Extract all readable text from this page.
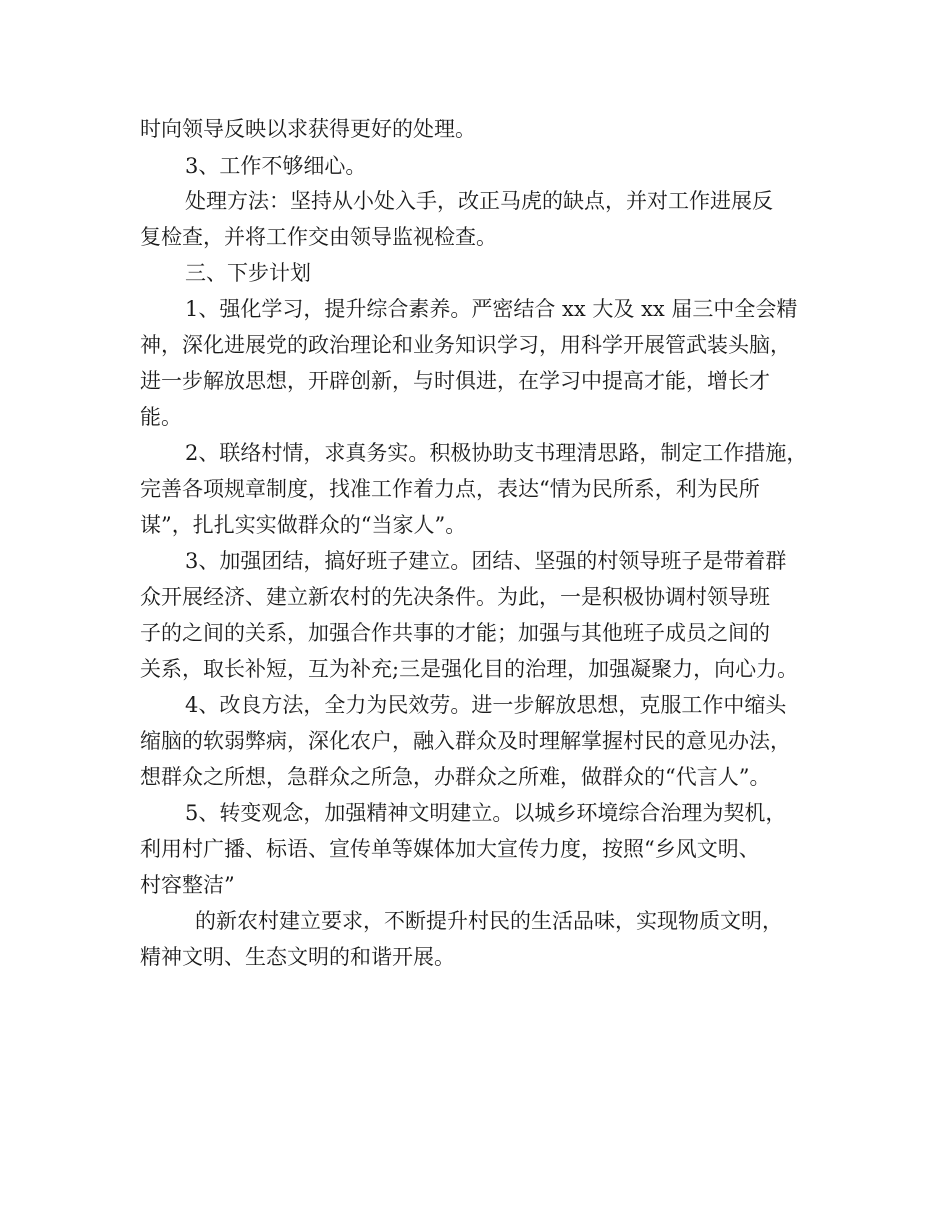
时向领导反映以求获得更好的处理。
3、工作不够细心。
处理方法：坚持从小处入手，改正马虎的缺点，并对工作进展反
复检查，并将工作交由领导监视检查。
三、下步计划
1、强化学习，提升综合素养。严密结合 xx 大及 xx 届三中全会精
神，深化进展党的政治理论和业务知识学习，用科学开展管武装头脑，
进一步解放思想，开辟创新，与时俱进，在学习中提高才能，增长才
能。
2、联络村情，求真务实。积极协助支书理清思路，制定工作措施，
完善各项规章制度，找准工作着力点，表达“情为民所系，利为民所
谋”，扎扎实实做群众的“当家人”。
3、加强团结，搞好班子建立。团结、坚强的村领导班子是带着群
众开展经济、建立新农村的先决条件。为此，一是积极协调村领导班
子的之间的关系，加强合作共事的才能；加强与其他班子成员之间的
关系，取长补短，互为补充;三是强化目的治理，加强凝聚力，向心力。
4、改良方法，全力为民效劳。进一步解放思想，克服工作中缩头
缩脑的软弱弊病，深化农户，融入群众及时理解掌握村民的意见办法，
想群众之所想，急群众之所急，办群众之所难，做群众的“代言人”。
5、转变观念，加强精神文明建立。以城乡环境综合治理为契机，
利用村广播、标语、宣传单等媒体加大宣传力度，按照“乡风文明、
村容整洁”
的新农村建立要求，不断提升村民的生活品味，实现物质文明，
精神文明、生态文明的和谐开展。
